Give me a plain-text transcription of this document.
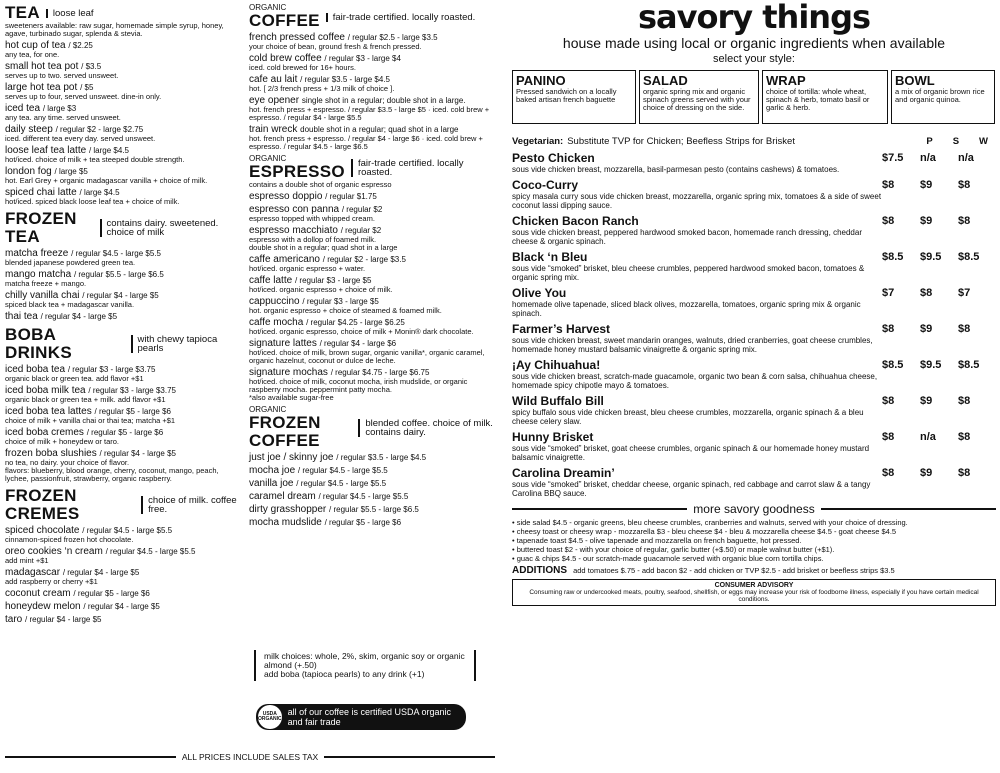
TEA	loose leaf
sweeteners available: raw sugar, homemade simple syrup, honey, agave, turbinado sugar, splenda & stevia.
hot cup of tea / $2.25
any tea, for one.
small hot tea pot / $3.5
serves up to two. served unsweet.
large hot tea pot / $5
serves up to four, served unsweet. dine-in only.
iced tea / large $3
any tea. any time. served unsweet.
daily steep / regular $2 - large $2.75
iced. different tea every day. served unsweet.
loose leaf tea latte / large $4.5
hot/iced. choice of milk + tea steeped double strength.
london fog / large $5
hot. Earl Grey + organic madagascar vanilla + choice of milk.
spiced chai latte / large $4.5
hot/iced. spiced black loose leaf tea + choice of milk.
FROZEN TEA
contains dairy. sweetened. choice of milk
matcha freeze / regular $4.5 - large $5.5
blended japanese powdered green tea.
mango matcha / regular $5.5 - large $6.5
matcha freeze + mango.
chilly vanilla chai / regular $4 - large $5
spiced black tea + madagascar vanilla.
thai tea / regular $4 - large $5
BOBA DRINKS
with chewy tapioca pearls
iced boba tea / regular $3 - large $3.75
organic black or green tea. add flavor +$1
iced boba milk tea / regular $3 - large $3.75
organic black or green tea + milk. add flavor +$1
iced boba tea lattes / regular $5 - large $6
choice of milk + vanilla chai or thai tea; matcha +$1
iced boba cremes / regular $5 - large $6
choice of milk + honeydew or taro.
frozen boba slushies / regular $4 - large $5
no tea, no dairy. your choice of flavor.
flavors: blueberry, blood orange, cherry, coconut, mango, peach, lychee, passionfruit, strawberry, organic raspberry.
FROZEN CREMES
choice of milk. coffee free.
spiced chocolate / regular $4.5 - large $5.5
cinnamon-spiced frozen hot chocolate.
oreo cookies ‘n cream / regular $4.5 - large $5.5
add mint +$1
madagascar / regular $4 - large $5
add raspberry or cherry +$1
coconut cream / regular $5 - large $6
honeydew melon / regular $4 - large $5
taro / regular $4 - large $5
ORGANIC
COFFEE	fair-trade certified. locally roasted.
french pressed coffee / regular $2.5 - large $3.5
your choice of bean, ground fresh & french pressed.
cold brew coffee / regular $3 - large $4
iced. cold brewed for 16+ hours.
cafe au lait / regular $3.5 - large $4.5
hot. [ 2/3 french press + 1/3 milk of choice ].
eye opener single shot in a regular; double shot in a large.
hot. french press + espresso. / regular $3.5 - large $5 · iced. cold brew + espresso. / regular $4 - large $5.5
train wreck double shot in a regular; quad shot in a large
hot. french press + espresso. / regular $4 - large $6 · iced. cold brew + espresso. / regular $4.5 - large $6.5
ORGANIC
ESPRESSO	fair-trade certified. locally roasted.
contains a double shot of organic espresso
espresso doppio / regular $1.75
espresso con panna / regular $2
espresso topped with whipped cream.
espresso macchiato / regular $2
espresso with a dollop of foamed milk.
double shot in a regular; quad shot in a large
caffe americano / regular $2 - large $3.5
hot/iced. organic espresso + water.
caffe latte / regular $3 - large $5
hot/iced. organic espresso + choice of milk.
cappuccino / regular $3 - large $5
hot. organic espresso + choice of steamed & foamed milk.
caffe mocha / regular $4.25 - large $6.25
hot/iced. organic espresso, choice of milk + Monin® dark chocolate.
signature lattes / regular $4 - large $6
hot/iced. choice of milk, brown sugar, organic vanilla*, organic caramel, organic hazelnut, coconut or dulce de leche.
signature mochas / regular $4.75 - large $6.75
hot/iced. choice of milk, coconut mocha, irish mudslide, or organic raspberry mocha. peppermint patty mocha.
*also available sugar-free
ORGANIC
FROZEN COFFEE
blended coffee. choice of milk. contains dairy.
just joe / skinny joe / regular $3.5 - large $4.5
mocha joe / regular $4.5 - large $5.5
vanilla joe / regular $4.5 - large $5.5
caramel dream / regular $4.5 - large $5.5
dirty grasshopper / regular $5.5 - large $6.5
mocha mudslide / regular $5 - large $6
savory things
house made using local or organic ingredients when available
select your style:
PANINO
Pressed sandwich on a locally baked artisan french baguette
SALAD
organic spring mix and organic spinach greens served with your choice of dressing on the side.
WRAP
choice of tortilla: whole wheat, spinach & herb, tomato basil or garlic & herb.
BOWL
a mix of organic brown rice and organic quinoa.
Vegetarian: Substitute TVP for Chicken; Beefless Strips for Brisket	P S W
Pesto Chicken
sous vide chicken breast, mozzarella, basil-parmesan pesto (contains cashews) & tomatoes.
$7.5	n/a	n/a
Coco-Curry
spicy masala curry sous vide chicken breast, mozzarella, organic spring mix, tomatoes & a side of sweet coconut lassi dipping sauce.
$8	$9	$8
Chicken Bacon Ranch
sous vide chicken breast, peppered hardwood smoked bacon, homemade ranch dressing, cheddar cheese & organic spinach.
$8	$9	$8
Black ‘n Bleu
sous vide “smoked” brisket, bleu cheese crumbles, peppered hardwood smoked bacon, tomatoes & organic spring mix.
$8.5	$9.5	$8.5
Olive You
homemade olive tapenade, sliced black olives, mozzarella, tomatoes, organic spring mix & organic spinach.
$7	$8	$7
Farmer’s Harvest
sous vide chicken breast, sweet mandarin oranges, walnuts, dried cranberries, goat cheese crumbles, homemade honey mustard balsamic vinaigrette & organic spring mix.
$8	$9	$8
¡Ay Chihuahua!
sous vide chicken breast, scratch-made guacamole, organic two bean & corn salsa, chihuahua cheese, homemade spicy chipotle mayo & tomatoes.
$8.5	$9.5	$8.5
Wild Buffalo Bill
spicy buffalo sous vide chicken breast, bleu cheese crumbles, mozzarella, organic spinach & a bleu cheese celery slaw.
$8	$9	$8
Hunny Brisket
sous vide “smoked” brisket, goat cheese crumbles, organic spinach & our homemade honey mustard balsamic vinaigrette.
$8	n/a	$8
Carolina Dreamin’
sous vide “smoked” brisket, cheddar cheese, organic spinach, red cabbage and carrot slaw & a tangy Carolina BBQ sauce.
$8	$9	$8
more savory goodness
• side salad $4.5 - organic greens, bleu cheese crumbles, cranberries and walnuts, served with your choice of dressing.
• cheesy toast or cheesy wrap - mozzarella $3 - bleu cheese $4 - bleu & mozzarella cheese $4.5 - goat cheese $4.5
• tapenade toast $4.5 - olive tapenade and mozzarella on french baguette, hot pressed.
• buttered toast $2 - with your choice of regular, garlic butter (+$.50) or maple walnut butter (+$1).
• guac & chips $4.5 - our scratch-made guacamole served with organic blue corn tortilla chips.
ADDITIONS add tomatoes $.75 - add bacon $2 - add chicken or TVP $2.5 - add brisket or beefless strips $3.5
CONSUMER ADVISORY
Consuming raw or undercooked meats, poultry, seafood, shellfish, or eggs may increase your risk of foodborne illness, especially if you have certain medical conditions.
milk choices: whole, 2%, skim, organic soy or organic almond (+.50)
add boba (tapioca pearls) to any drink (+1)
USDA ORGANIC
all of our coffee is certified USDA organic and fair trade
ALL PRICES INCLUDE SALES TAX
